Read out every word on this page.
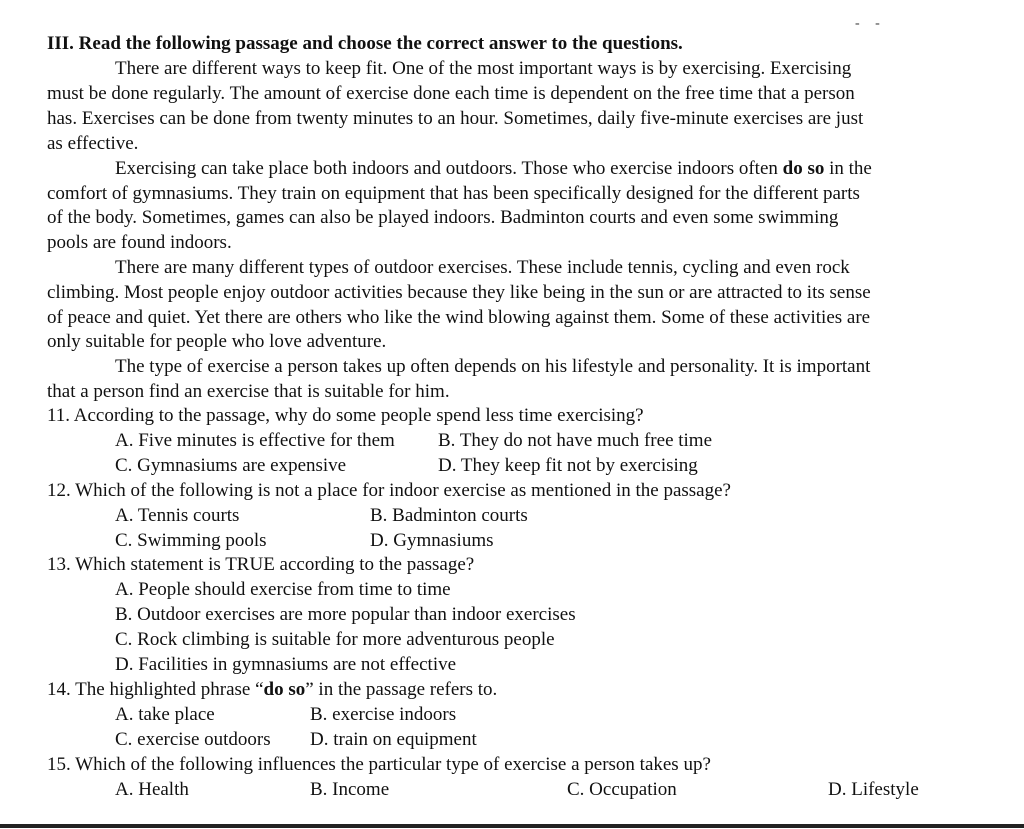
- -
III. Read the following passage and choose the correct answer to the questions.
There are different ways to keep fit. One of the most important ways is by exercising. Exercising
must be done regularly. The amount of exercise done each time is dependent on the free time that a person
has. Exercises can be done from twenty minutes to an hour. Sometimes, daily five-minute exercises are just
as effective.
Exercising can take place both indoors and outdoors. Those who exercise indoors often do so in the
comfort of gymnasiums. They train on equipment that has been specifically designed for the different parts
of the body. Sometimes, games can also be played indoors. Badminton courts and even some swimming
pools are found indoors.
There are many different types of outdoor exercises. These include tennis, cycling and even rock
climbing. Most people enjoy outdoor activities because they like being in the sun or are attracted to its sense
of peace and quiet. Yet there are others who like the wind blowing against them. Some of these activities are
only suitable for people who love adventure.
The type of exercise a person takes up often depends on his lifestyle and personality. It is important
that a person find an exercise that is suitable for him.
11. According to the passage, why do some people spend less time exercising?
A. Five minutes is effective for them B. They do not have much free time
C. Gymnasiums are expensive	D. They keep fit not by exercising
12. Which of the following is not a place for indoor exercise as mentioned in the passage?
A. Tennis courts	B. Badminton courts
C. Swimming pools	D. Gymnasiums
13. Which statement is TRUE according to the passage?
A. People should exercise from time to time
B. Outdoor exercises are more popular than indoor exercises
C. Rock climbing is suitable for more adventurous people
D. Facilities in gymnasiums are not effective
14. The highlighted phrase “do so” in the passage refers to.
A. take place	B. exercise indoors
C. exercise outdoors D. train on equipment
15. Which of the following influences the particular type of exercise a person takes up?
A. Health	B. Income	C. Occupation	D. Lifestyle
